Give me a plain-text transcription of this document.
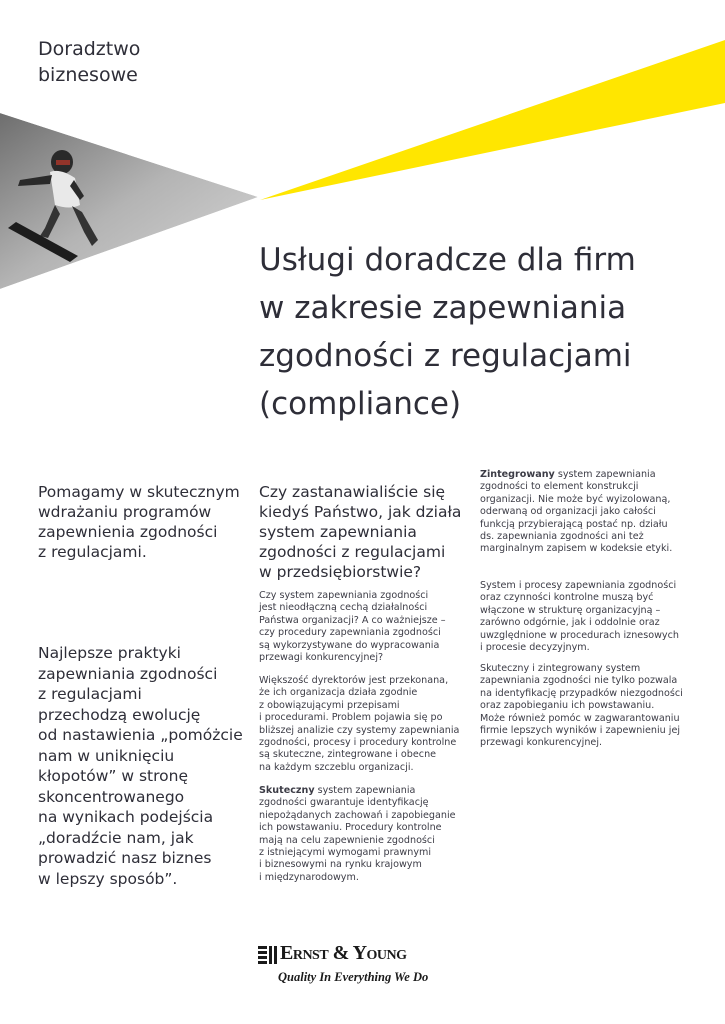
Doradztwo
biznesowe
Usługi doradcze dla firm
w zakresie zapewniania
zgodności z regulacjami
(compliance)
Pomagamy w skutecznym
wdrażaniu programów
zapewnienia zgodności
z regulacjami.
Najlepsze praktyki
zapewniania zgodności
z regulacjami
przechodzą ewolucję
od nastawienia „pomóżcie
nam w uniknięciu
kłopotów” w stronę
skoncentrowanego
na wynikach podejścia
„doradźcie nam, jak
prowadzić nasz biznes
w lepszy sposób”.
Czy zastanawialiście się
kiedyś Państwo, jak działa
system zapewniania
zgodności z regulacjami
w przedsiębiorstwie?
Czy system zapewniania zgodności
jest nieodłączną cechą działalności
Państwa organizacji? A co ważniejsze –
czy procedury zapewniania zgodności
są wykorzystywane do wypracowania
przewagi konkurencyjnej?
Większość dyrektorów jest przekonana,
że ich organizacja działa zgodnie
z obowiązującymi przepisami
i procedurami. Problem pojawia się po
bliższej analizie czy systemy zapewniania
zgodności, procesy i procedury kontrolne
są skuteczne, zintegrowane i obecne
na każdym szczeblu organizacji.
Skuteczny system zapewniania
zgodności gwarantuje identyfikację
niepożądanych zachowań i zapobieganie
ich powstawaniu. Procedury kontrolne
mają na celu zapewnienie zgodności
z istniejącymi wymogami prawnymi
i biznesowymi na rynku krajowym
i międzynarodowym.
Zintegrowany system zapewniania
zgodności to element konstrukcji
organizacji. Nie może być wyizolowaną,
oderwaną od organizacji jako całości
funkcją przybierającą postać np. działu
ds. zapewniania zgodności ani też
marginalnym zapisem w kodeksie etyki.
System i procesy zapewniania zgodności
oraz czynności kontrolne muszą być
włączone w strukturę organizacyjną –
zarówno odgórnie, jak i oddolnie oraz
uwzględnione w procedurach iznesowych
i procesie decyzyjnym.
Skuteczny i zintegrowany system
zapewniania zgodności nie tylko pozwala
na identyfikację przypadków niezgodności
oraz zapobieganiu ich powstawaniu.
Może również pomóc w zagwarantowaniu
firmie lepszych wyników i zapewnieniu jej
przewagi konkurencyjnej.
Ernst & Young
Quality In Everything We Do
